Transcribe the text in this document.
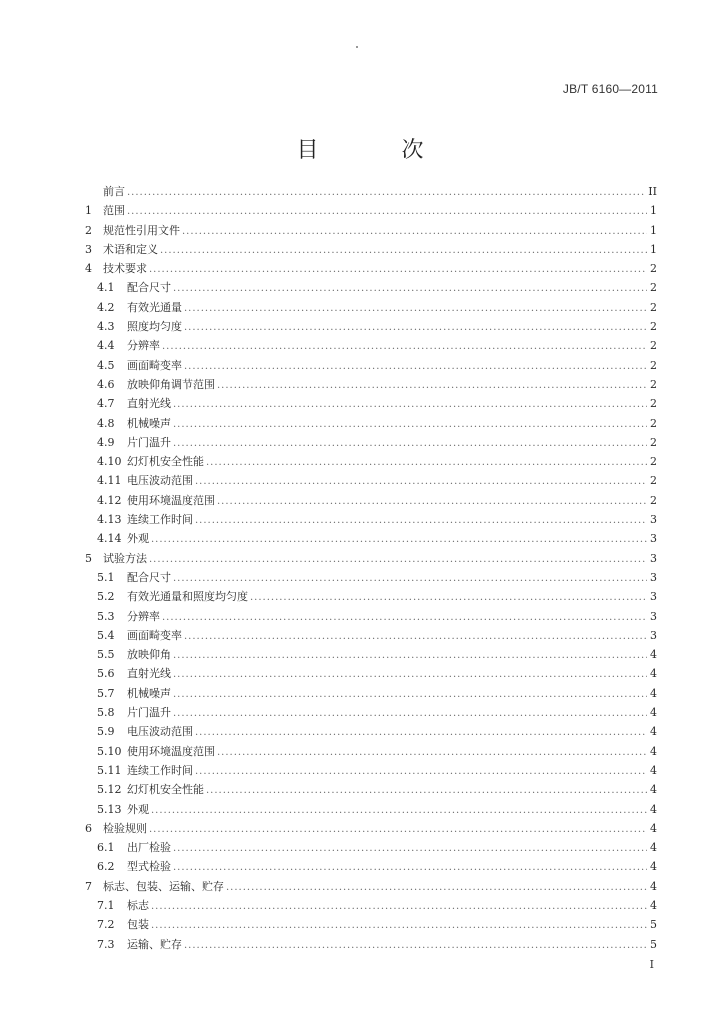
JB/T 6160—2011
目 次
前言 .....	II
1	范围 .....	1
2	规范性引用文件 .....	1
3	术语和定义 .....	1
4	技术要求 .....	2
4.1	配合尺寸 .....	2
4.2	有效光通量 .....	2
4.3	照度均匀度 .....	2
4.4	分辨率 .....	2
4.5	画面畸变率 .....	2
4.6	放映仰角调节范围 .....	2
4.7	直射光线 .....	2
4.8	机械噪声 .....	2
4.9	片门温升 .....	2
4.10 幻灯机安全性能 .....	2
4.11 电压波动范围 .....	2
4.12 使用环境温度范围 .....	2
4.13 连续工作时间 .....	3
4.14 外观 .....	3
5	试验方法 .....	3
5.1	配合尺寸 .....	3
5.2	有效光通量和照度均匀度 .....	3
5.3	分辨率 .....	3
5.4	画面畸变率 .....	3
5.5	放映仰角 .....	4
5.6	直射光线 .....	4
5.7	机械噪声 .....	4
5.8	片门温升 .....	4
5.9	电压波动范围 .....	4
5.10 使用环境温度范围 .....	4
5.11 连续工作时间 .....	4
5.12 幻灯机安全性能 .....	4
5.13 外观 .....	4
6	检验规则 .....	4
6.1	出厂检验 .....	4
6.2	型式检验 .....	4
7	标志、包装、运输、贮存 .....	4
7.1	标志 .....	4
7.2	包装 .....	5
7.3	运输、贮存 .....	5
I
